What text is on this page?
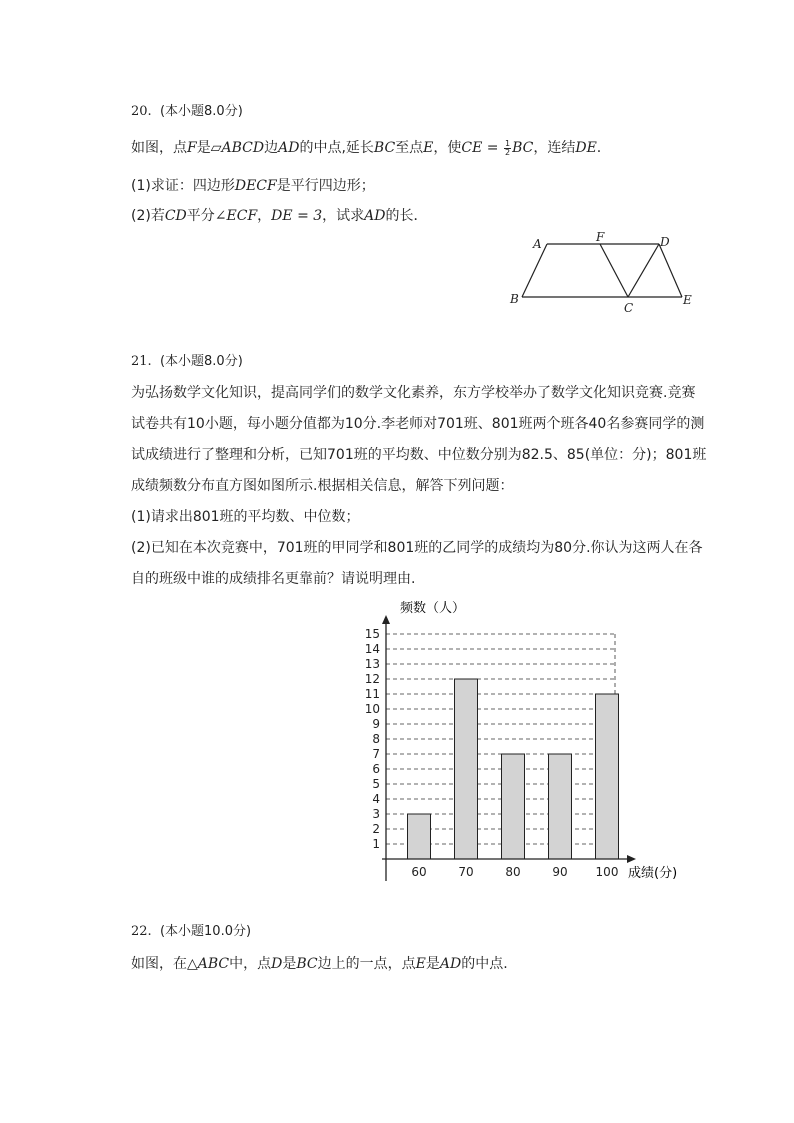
20. (本小题8.0分)
如图，点F是▱ABCD边AD的中点,延长BC至点E，使CE = $\frac{1}{2}$ BC，连结DE.
(1)求证：四边形DECF是平行四边形；
(2)若CD平分∠ECF，DE = 3，试求AD的长．
A
B
C
D
E
F
21. (本小题8.0分)
为弘扬数学文化知识，提高同学们的数学文化素养，东方学校举办了数学文化知识竞赛.竞赛
试卷共有10小题，每小题分值都为10分.李老师对701班、801班两个班各40名参赛同学的测
试成绩进行了整理和分析，已知701班的平均数、中位数分别为82.5、85(单位：分)；801班
成绩频数分布直方图如图所示.根据相关信息，解答下列问题：
(1)请求出801班的平均数、中位数；
(2)已知在本次竞赛中，701班的甲同学和801班的乙同学的成绩均为80分.你认为这两人在各
自的班级中谁的成绩排名更靠前？请说明理由.
1
2
3
4
5
6
7
8
9
10
11
12
13
14
15
60	70	80	90 100
频数（人）
成绩(分)
22. (本小题10.0分)
如图，在△ABC中，点D是BC边上的一点，点E是AD的中点.
